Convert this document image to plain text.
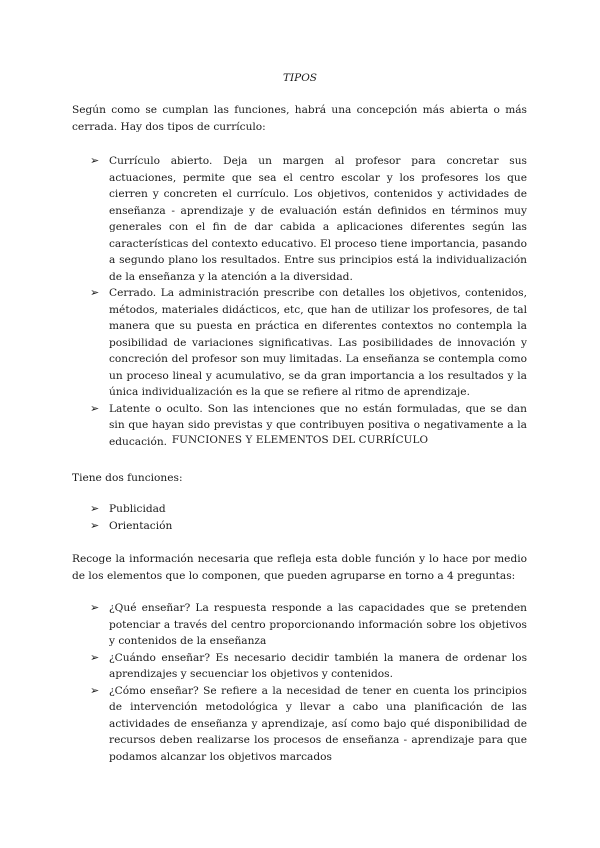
TIPOS

Según como se cumplan las funciones, habrá una concepción más abierta o más cerrada. Hay dos tipos de currículo:

➢ Currículo abierto. Deja un margen al profesor para concretar sus actuaciones, permite que sea el centro escolar y los profesores los que cierren y concreten el currículo. Los objetivos, contenidos y actividades de enseñanza - aprendizaje y de evaluación están definidos en términos muy generales con el fin de dar cabida a aplicaciones diferentes según las características del contexto educativo. El proceso tiene importancia, pasando a segundo plano los resultados. Entre sus principios está la individualización de la enseñanza y la atención a la diversidad.
➢ Cerrado. La administración prescribe con detalles los objetivos, contenidos, métodos, materiales didácticos, etc, que han de utilizar los profesores, de tal manera que su puesta en práctica en diferentes contextos no contempla la posibilidad de variaciones significativas. Las posibilidades de innovación y concreción del profesor son muy limitadas. La enseñanza se contempla como un proceso lineal y acumulativo, se da gran importancia a los resultados y la única individualización es la que se refiere al ritmo de aprendizaje.
➢ Latente o oculto. Son las intenciones que no están formuladas, que se dan sin que hayan sido previstas y que contribuyen positiva o negativamente a la educación. FUNCIONES Y ELEMENTOS DEL CURRÍCULO

Tiene dos funciones:

➢ Publicidad
➢ Orientación

Recoge la información necesaria que refleja esta doble función y lo hace por medio de los elementos que lo componen, que pueden agruparse en torno a 4 preguntas:

➢ ¿Qué enseñar? La respuesta responde a las capacidades que se pretenden potenciar a través del centro proporcionando información sobre los objetivos y contenidos de la enseñanza
➢ ¿Cuándo enseñar? Es necesario decidir también la manera de ordenar los aprendizajes y secuenciar los objetivos y contenidos.
➢ ¿Cómo enseñar? Se refiere a la necesidad de tener en cuenta los principios de intervención metodológica y llevar a cabo una planificación de las actividades de enseñanza y aprendizaje, así como bajo qué disponibilidad de recursos deben realizarse los procesos de enseñanza - aprendizaje para que podamos alcanzar los objetivos marcados
